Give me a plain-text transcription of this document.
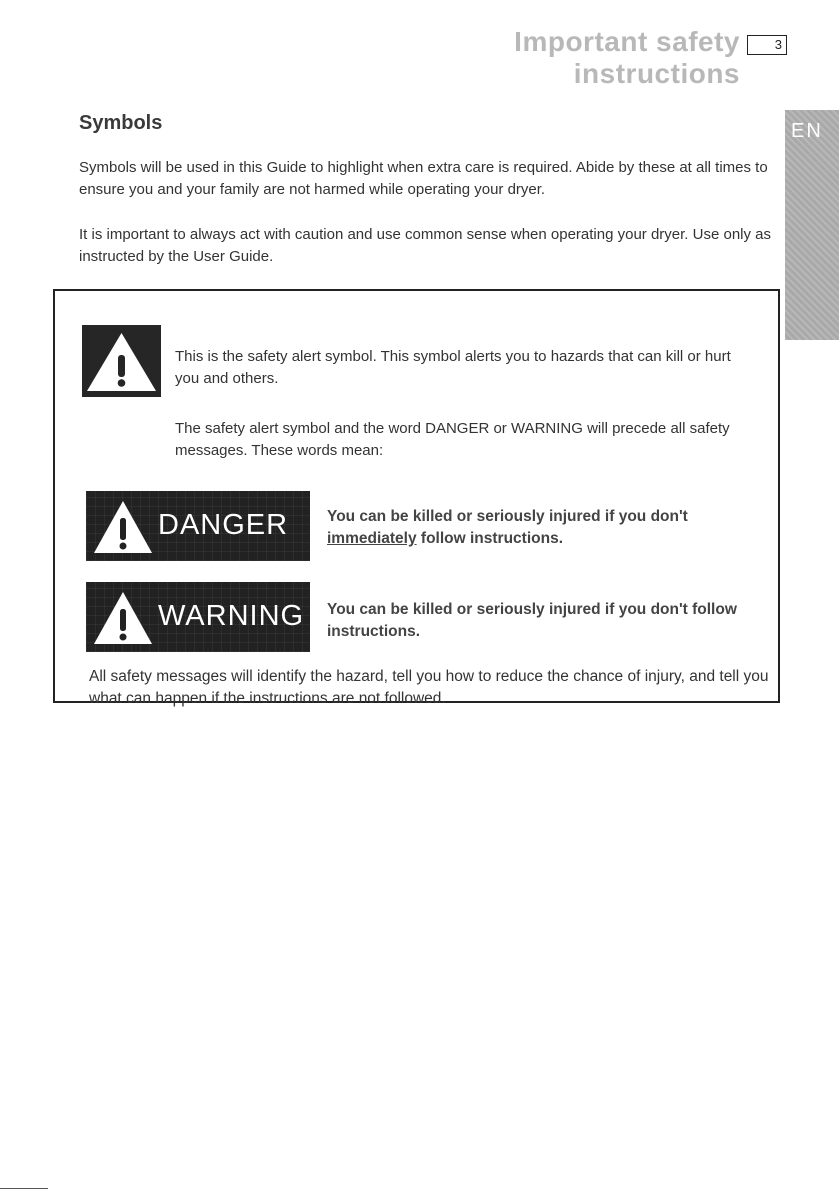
Important safety instructions
3
EN
Symbols
Symbols will be used in this Guide to highlight when extra care is required. Abide by these at all times to ensure you and your family are not harmed while operating your dryer.
It is important to always act with caution and use common sense when operating your dryer. Use only as instructed by the User Guide.
This is the safety alert symbol. This symbol alerts you to hazards that can kill or hurt you and others.
The safety alert symbol and the word DANGER or WARNING will precede all safety messages. These words mean:
DANGER	You can be killed or seriously injured if you don't
immediately follow instructions.
WARNING You can be killed or seriously injured if you don't follow instructions.
All safety messages will identify the hazard, tell you how to reduce the chance of injury, and tell you what can happen if the instructions are not followed.
